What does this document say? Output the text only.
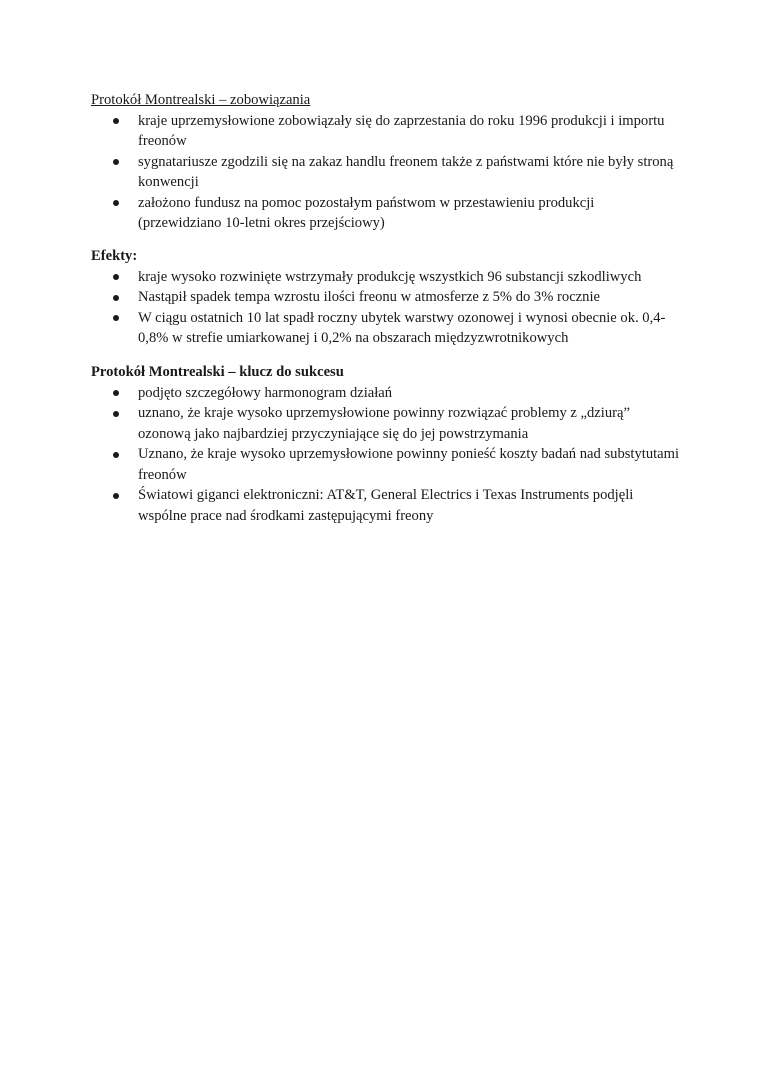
Protokół Montrealski – zobowiązania

kraje uprzemysłowione zobowiązały się do zaprzestania do roku 1996 produkcji i importu freonów
sygnatariusze zgodzili się na zakaz handlu freonem także z państwami które nie były stroną konwencji
założono fundusz na pomoc pozostałym państwom w przestawieniu produkcji (przewidziano 10-letni okres przejściowy)

Efekty:

kraje wysoko rozwinięte wstrzymały produkcję wszystkich 96 substancji szkodliwych
Nastąpił spadek tempa wzrostu ilości freonu w atmosferze z 5% do 3% rocznie
W ciągu ostatnich 10 lat spadł roczny ubytek warstwy ozonowej i wynosi obecnie ok. 0,4-0,8% w strefie umiarkowanej i 0,2% na obszarach międzyzwrotnikowych

Protokół Montrealski – klucz do sukcesu

podjęto szczegółowy harmonogram działań
uznano, że kraje wysoko uprzemysłowione powinny rozwiązać problemy z „dziurą” ozonową jako najbardziej przyczyniające się do jej powstrzymania
Uznano, że kraje wysoko uprzemysłowione powinny ponieść koszty badań nad substytutami freonów
Światowi giganci elektroniczni: AT&T, General Electrics i Texas Instruments podjęli wspólne prace nad środkami zastępującymi freony
